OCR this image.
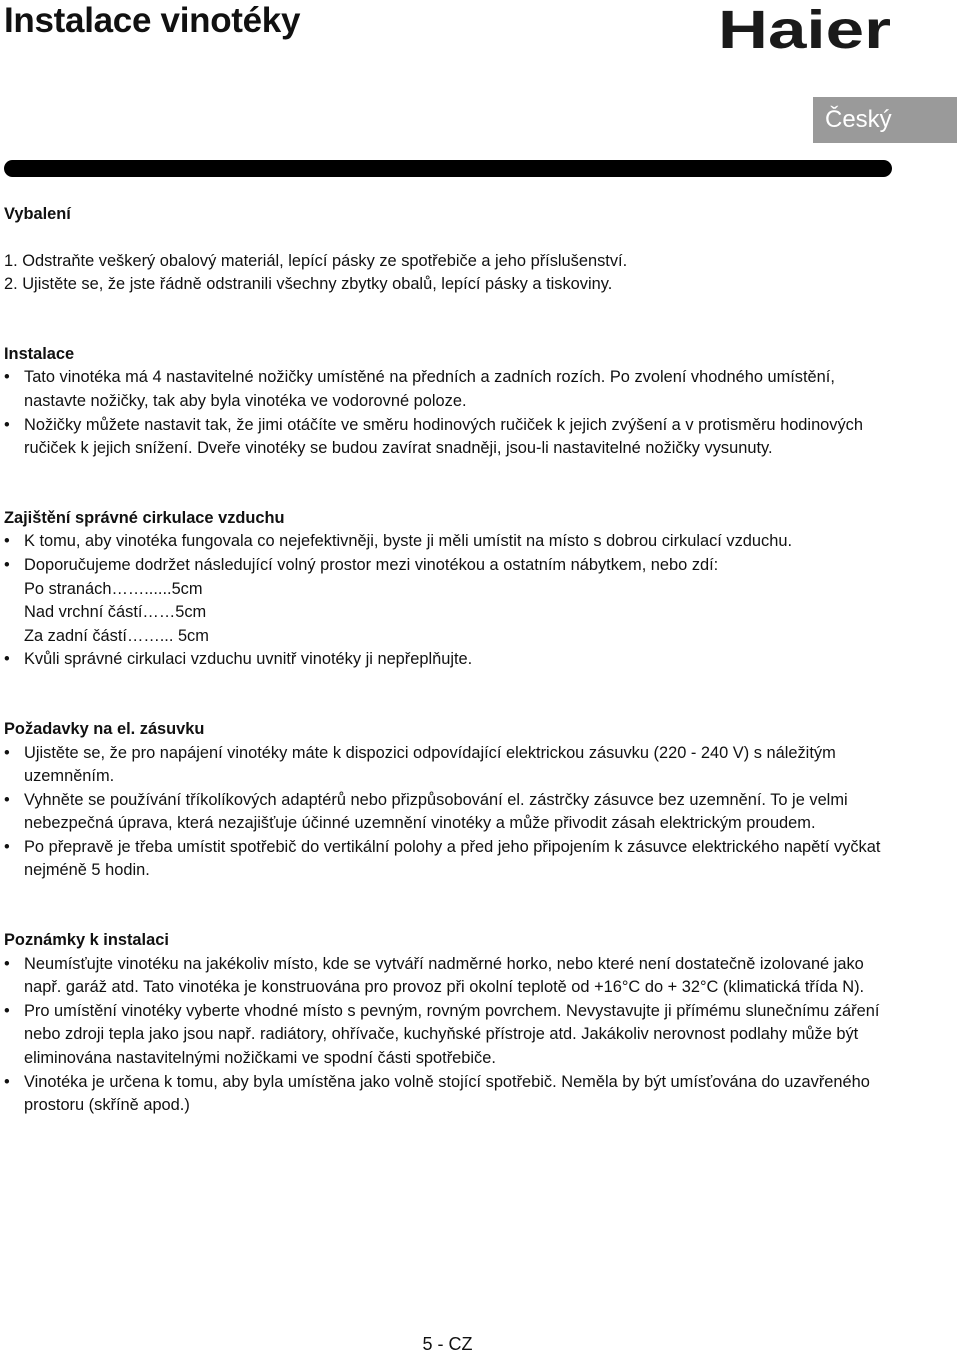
Instalace vinotéky	Haier
Český

Vybalení

1. Odstraňte veškerý obalový materiál, lepící pásky ze spotřebiče a jeho příslušenství.
2. Ujistěte se, že jste řádně odstranili všechny zbytky obalů, lepící pásky a tiskoviny.

Instalace

• Tato vinotéka má 4 nastavitelné nožičky umístěné na předních a zadních rozích. Po zvolení vhodného umístění, nastavte nožičky, tak aby byla vinotéka ve vodorovné poloze.
• Nožičky můžete nastavit tak, že jimi otáčíte ve směru hodinových ručiček k jejich zvýšení a v protisměru hodinových ručiček k jejich snížení. Dveře vinotéky se budou zavírat snadněji, jsou-li nastavitelné nožičky vysunuty.

Zajištění správné cirkulace vzduchu

• K tomu, aby vinotéka fungovala co nejefektivněji, byste ji měli umístit na místo s dobrou cirkulací vzduchu.
• Doporučujeme dodržet následující volný prostor mezi vinotékou a ostatním nábytkem, nebo zdí:
Po stranách……......5cm
Nad vrchní částí……5cm
Za zadní částí……... 5cm
• Kvůli správné cirkulaci vzduchu uvnitř vinotéky ji nepřeplňujte.

Požadavky na el. zásuvku

• Ujistěte se, že pro napájení vinotéky máte k dispozici odpovídající elektrickou zásuvku (220 - 240 V) s náležitým uzemněním.
• Vyhněte se používání tříkolíkových adaptérů nebo přizpůsobování el. zástrčky zásuvce bez uzemnění. To je velmi nebezpečná úprava, která nezajišťuje účinné uzemnění vinotéky a může přivodit zásah elektrickým proudem.
• Po přepravě je třeba umístit spotřebič do vertikální polohy a před jeho připojením k zásuvce elektrického napětí vyčkat nejméně 5 hodin.

Poznámky k instalaci

• Neumísťujte vinotéku na jakékoliv místo, kde se vytváří nadměrné horko, nebo které není dostatečně izolované jako např. garáž atd. Tato vinotéka je konstruována pro provoz při okolní teplotě od +16°C do + 32°C (klimatická třída N).
• Pro umístění vinotéky vyberte vhodné místo s pevným, rovným povrchem. Nevystavujte ji přímému slunečnímu záření nebo zdroji tepla jako jsou např. radiátory, ohřívače, kuchyňské přístroje atd. Jakákoliv nerovnost podlahy může být eliminována nastavitelnými nožičkami ve spodní části spotřebiče.
• Vinotéka je určena k tomu, aby byla umístěna jako volně stojící spotřebič. Neměla by být umísťována do uzavřeného prostoru (skříně apod.)
5 - CZ
